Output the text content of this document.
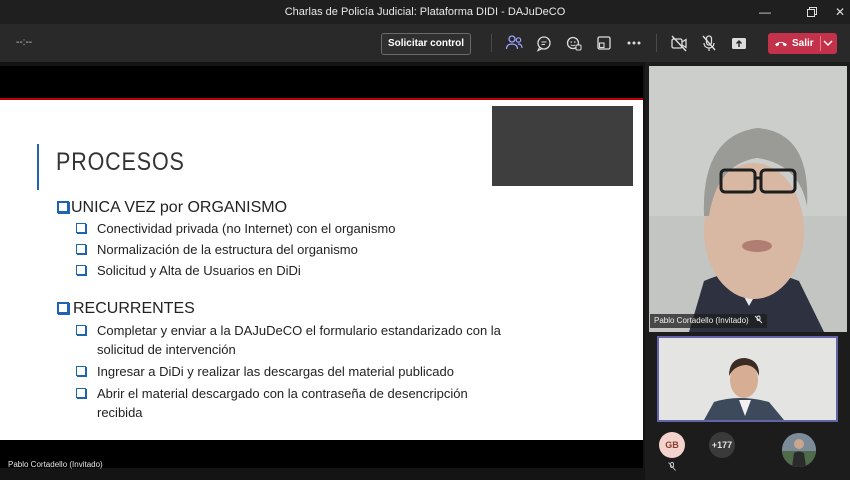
Charlas de Policía Judicial: Plataforma DIDI - DAJuDeCO	—	✕
--:--	Solicitar control	Salir
PROCESOS
UNICA VEZ por ORGANISMO
Conectividad privada (no Internet) con el organismo
Normalización de la estructura del organismo
Solicitud y Alta de Usuarios en DiDi
RECURRENTES
Completar y enviar a la DAJuDeCO el formulario estandarizado con la
solicitud de intervención
Ingresar a DiDi y realizar las descargas del material publicado
Abrir el material descargado con la contraseña de desencripción
recibida
Pablo Cortadello (Invitado)
Pablo Cortadello (Invitado)
GB	+177
